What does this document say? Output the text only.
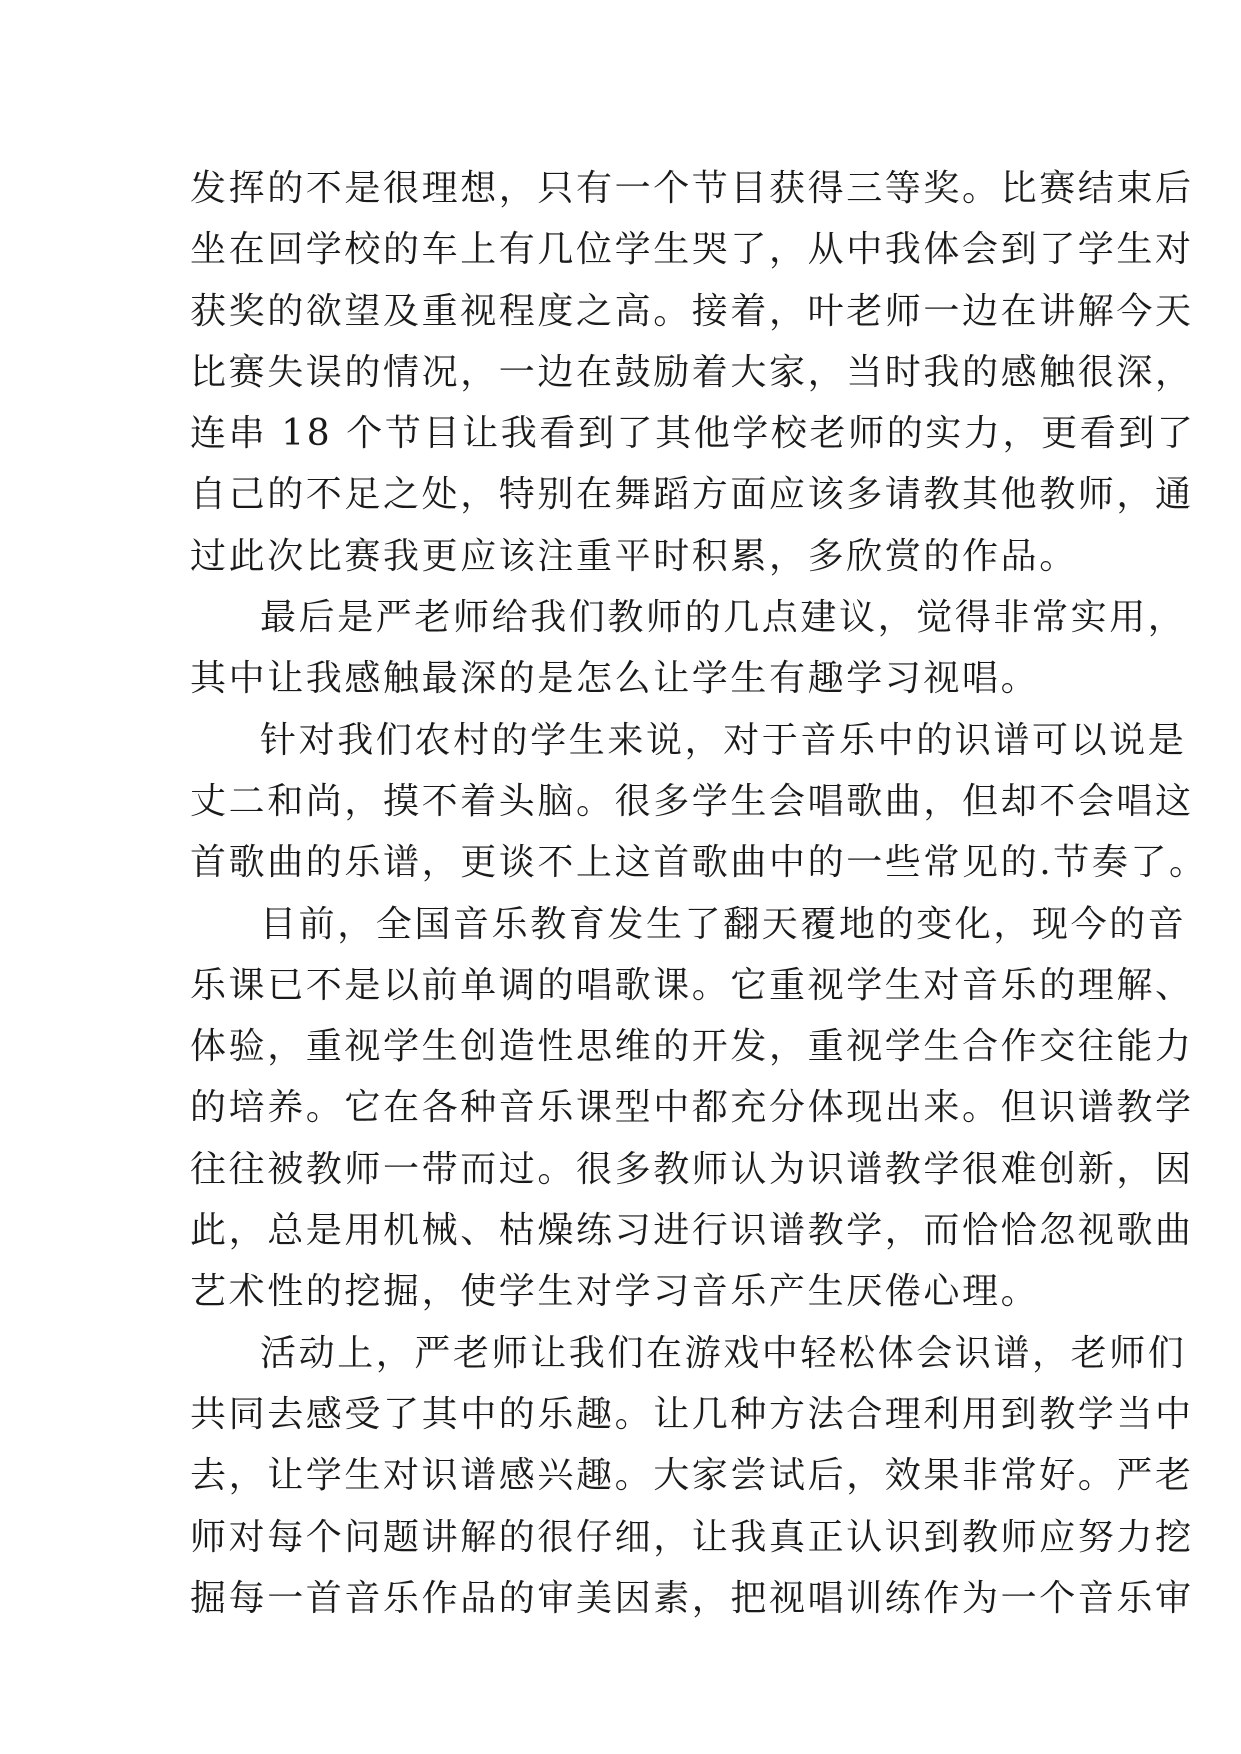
发挥的不是很理想，只有一个节目获得三等奖。比赛结束后
坐在回学校的车上有几位学生哭了，从中我体会到了学生对
获奖的欲望及重视程度之高。接着，叶老师一边在讲解今天
比赛失误的情况，一边在鼓励着大家，当时我的感触很深，
连串 18 个节目让我看到了其他学校老师的实力，更看到了
自己的不足之处，特别在舞蹈方面应该多请教其他教师，通
过此次比赛我更应该注重平时积累，多欣赏的作品。
最后是严老师给我们教师的几点建议，觉得非常实用，
其中让我感触最深的是怎么让学生有趣学习视唱。
针对我们农村的学生来说，对于音乐中的识谱可以说是
丈二和尚，摸不着头脑。很多学生会唱歌曲，但却不会唱这
首歌曲的乐谱，更谈不上这首歌曲中的一些常见的.节奏了。
目前，全国音乐教育发生了翻天覆地的变化，现今的音
乐课已不是以前单调的唱歌课。它重视学生对音乐的理解、
体验，重视学生创造性思维的开发，重视学生合作交往能力
的培养。它在各种音乐课型中都充分体现出来。但识谱教学
往往被教师一带而过。很多教师认为识谱教学很难创新，因
此，总是用机械、枯燥练习进行识谱教学，而恰恰忽视歌曲
艺术性的挖掘，使学生对学习音乐产生厌倦心理。
活动上，严老师让我们在游戏中轻松体会识谱，老师们
共同去感受了其中的乐趣。让几种方法合理利用到教学当中
去，让学生对识谱感兴趣。大家尝试后，效果非常好。严老
师对每个问题讲解的很仔细，让我真正认识到教师应努力挖
掘每一首音乐作品的审美因素，把视唱训练作为一个音乐审
